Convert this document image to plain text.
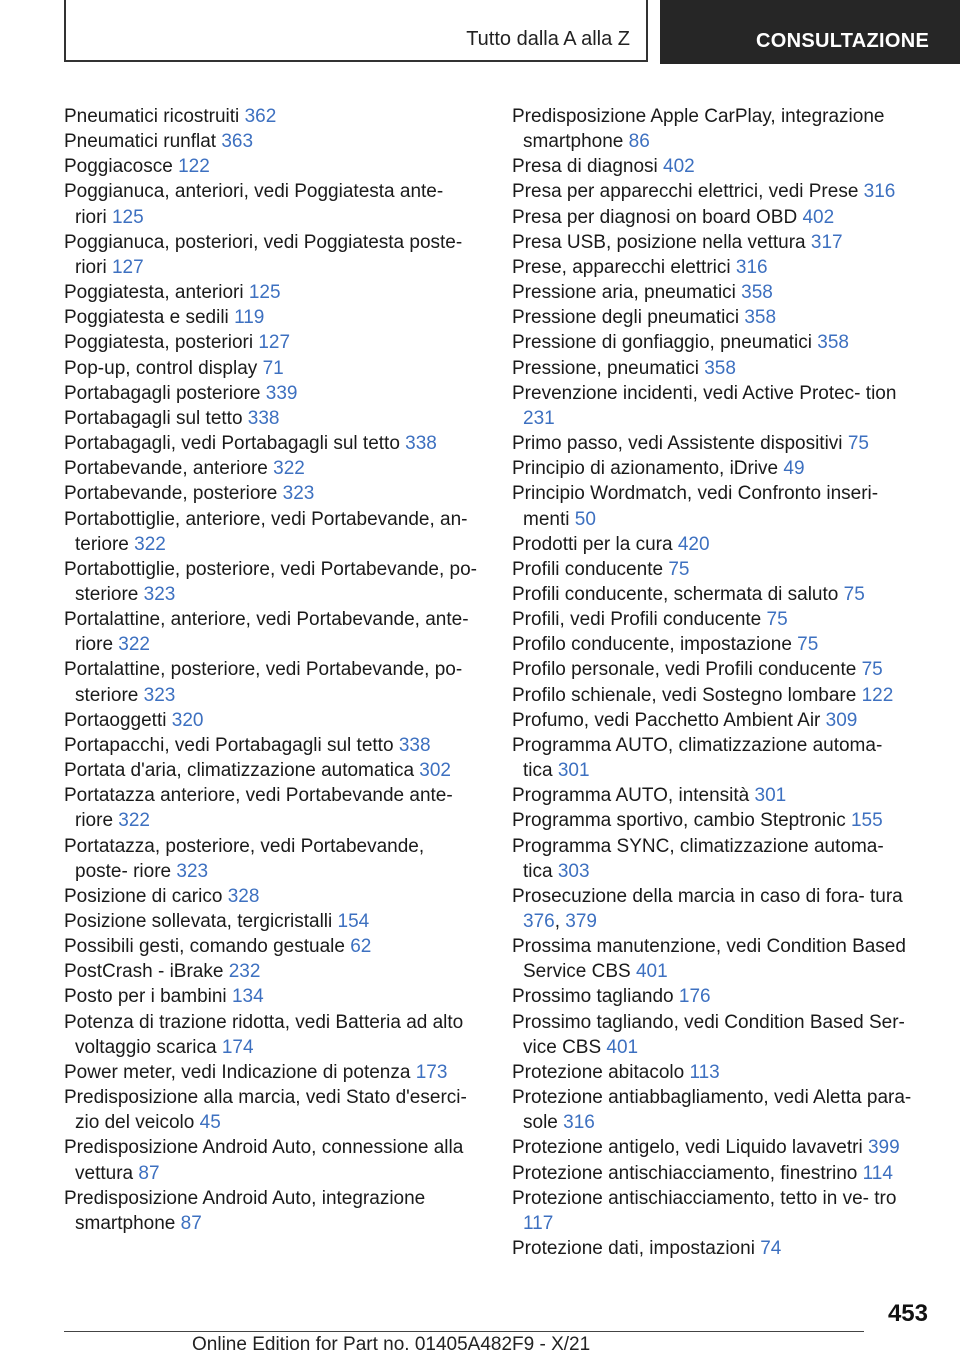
Tutto dalla A alla Z	CONSULTAZIONE
Pneumatici ricostruiti 362
Pneumatici runflat 363
Poggiacosce 122
Poggianuca, anteriori, vedi Poggiatesta ante- riori 125
Poggianuca, posteriori, vedi Poggiatesta poste- riori 127
Poggiatesta, anteriori 125
Poggiatesta e sedili 119
Poggiatesta, posteriori 127
Pop-up, control display 71
Portabagagli posteriore 339
Portabagagli sul tetto 338
Portabagagli, vedi Portabagagli sul tetto 338
Portabevande, anteriore 322
Portabevande, posteriore 323
Portabottiglie, anteriore, vedi Portabevande, an- teriore 322
Portabottiglie, posteriore, vedi Portabevande, po- steriore 323
Portalattine, anteriore, vedi Portabevande, ante- riore 322
Portalattine, posteriore, vedi Portabevande, po- steriore 323
Portaoggetti 320
Portapacchi, vedi Portabagagli sul tetto 338
Portata d'aria, climatizzazione automatica 302
Portatazza anteriore, vedi Portabevande ante- riore 322
Portatazza, posteriore, vedi Portabevande, poste- riore 323
Posizione di carico 328
Posizione sollevata, tergicristalli 154
Possibili gesti, comando gestuale 62
PostCrash - iBrake 232
Posto per i bambini 134
Potenza di trazione ridotta, vedi Batteria ad alto voltaggio scarica 174
Power meter, vedi Indicazione di potenza 173
Predisposizione alla marcia, vedi Stato d'eserci- zio del veicolo 45
Predisposizione Android Auto, connessione alla vettura 87
Predisposizione Android Auto, integrazione smartphone 87
Predisposizione Apple CarPlay, integrazione smartphone 86
Presa di diagnosi 402
Presa per apparecchi elettrici, vedi Prese 316
Presa per diagnosi on board OBD 402
Presa USB, posizione nella vettura 317
Prese, apparecchi elettrici 316
Pressione aria, pneumatici 358
Pressione degli pneumatici 358
Pressione di gonfiaggio, pneumatici 358
Pressione, pneumatici 358
Prevenzione incidenti, vedi Active Protec- tion 231
Primo passo, vedi Assistente dispositivi 75
Principio di azionamento, iDrive 49
Principio Wordmatch, vedi Confronto inseri- menti 50
Prodotti per la cura 420
Profili conducente 75
Profili conducente, schermata di saluto 75
Profili, vedi Profili conducente 75
Profilo conducente, impostazione 75
Profilo personale, vedi Profili conducente 75
Profilo schienale, vedi Sostegno lombare 122
Profumo, vedi Pacchetto Ambient Air 309
Programma AUTO, climatizzazione automa- tica 301
Programma AUTO, intensità 301
Programma sportivo, cambio Steptronic 155
Programma SYNC, climatizzazione automa- tica 303
Prosecuzione della marcia in caso di fora- tura 376, 379
Prossima manutenzione, vedi Condition Based Service CBS 401
Prossimo tagliando 176
Prossimo tagliando, vedi Condition Based Ser- vice CBS 401
Protezione abitacolo 113
Protezione antiabbagliamento, vedi Aletta para- sole 316
Protezione antigelo, vedi Liquido lavavetri 399
Protezione antischiacciamento, finestrino 114
Protezione antischiacciamento, tetto in ve- tro 117
Protezione dati, impostazioni 74
453
Online Edition for Part no. 01405A482F9 - X/21
